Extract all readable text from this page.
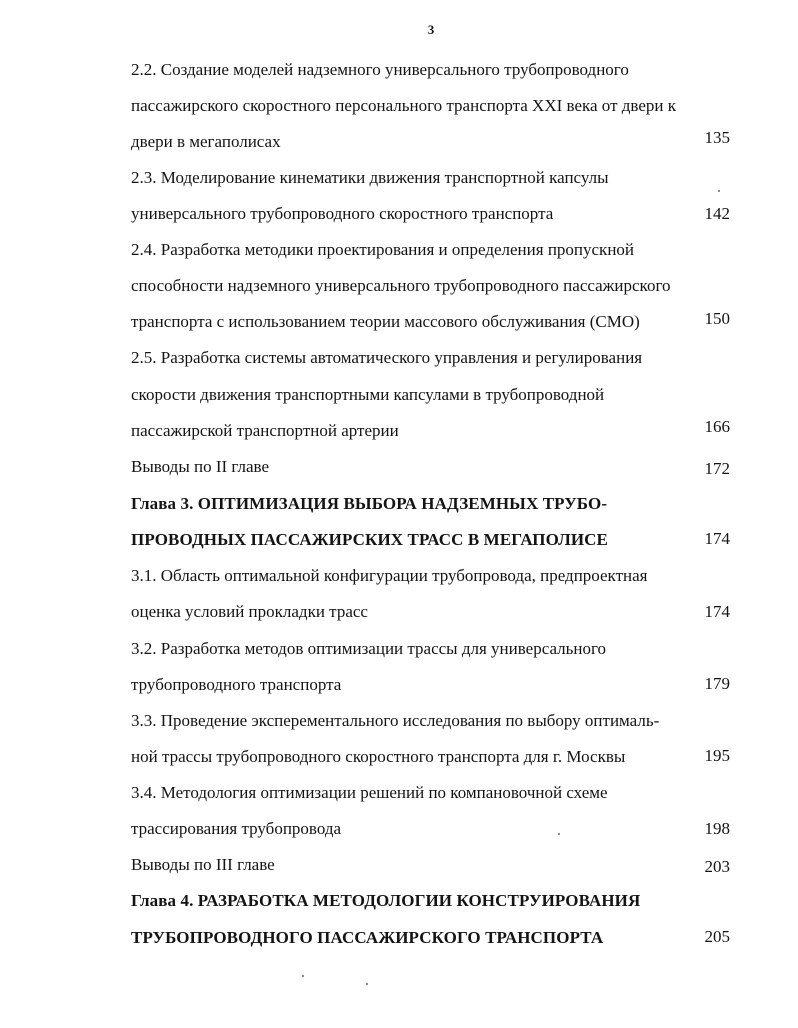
3
2.2. Создание моделей надземного универсального трубопроводного
пассажирского скоростного персонального транспорта XXI века от двери к
двери в мегаполисах	135
2.3. Моделирование кинематики движения транспортной капсулы
универсального трубопроводного скоростного транспорта	142
2.4. Разработка методики проектирования и определения пропускной
способности надземного универсального трубопроводного пассажирского
транспорта с использованием теории массового обслуживания (СМО)	150
2.5. Разработка системы автоматического управления и регулирования
скорости движения транспортными капсулами в трубопроводной
пассажирской транспортной артерии	166
Выводы по II главе	172
Глава 3. ОПТИМИЗАЦИЯ ВЫБОРА НАДЗЕМНЫХ ТРУБО-
ПРОВОДНЫХ ПАССАЖИРСКИХ ТРАСС В МЕГАПОЛИСЕ	174
3.1. Область оптимальной конфигурации трубопровода, предпроектная
оценка условий прокладки трасс	174
3.2. Разработка методов оптимизации трассы для универсального
трубопроводного транспорта	179
3.3. Проведение эксперементального исследования по выбору оптималь-
ной трассы трубопроводного скоростного транспорта для г. Москвы	195
3.4. Методология оптимизации решений по компановочной схеме
трассирования трубопровода	198
Выводы по III главе	203
Глава 4. РАЗРАБОТКА МЕТОДОЛОГИИ КОНСТРУИРОВАНИЯ
ТРУБОПРОВОДНОГО ПАССАЖИРСКОГО ТРАНСПОРТА	205
